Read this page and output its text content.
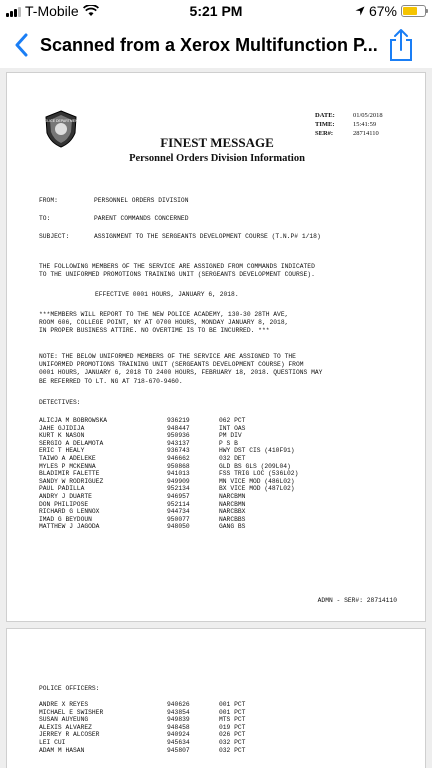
T-Mobile	5:21 PM	67%
Scanned from a Xerox Multifunction P...
POLICE DEPARTMENT
DATE:	01/05/2018
TIME:	15:41:59
SER#:	28714110
FINEST MESSAGE
Personnel Orders Division Information
FROM:	PERSONNEL ORDERS DIVISION
TO:	PARENT COMMANDS CONCERNED
SUBJECT:	ASSIGNMENT TO THE SERGEANTS DEVELOPMENT COURSE (T.N.P# 1/18)
THE FOLLOWING MEMBERS OF THE SERVICE ARE ASSIGNED FROM COMMANDS INDICATED
TO THE UNIFORMED PROMOTIONS TRAINING UNIT (SERGEANTS DEVELOPMENT COURSE).
EFFECTIVE 0001 HOURS, JANUARY 6, 2018.
***MEMBERS WILL REPORT TO THE NEW POLICE ACADEMY, 130-30 28TH AVE,
ROOM 606, COLLEGE POINT, NY AT 0700 HOURS, MONDAY JANUARY 8, 2018,
IN PROPER BUSINESS ATTIRE. NO OVERTIME IS TO BE INCURRED. ***
NOTE: THE BELOW UNIFORMED MEMBERS OF THE SERVICE ARE ASSIGNED TO THE
UNIFORMED PROMOTIONS TRAINING UNIT (SERGEANTS DEVELOPMENT COURSE) FROM
0001 HOURS, JANUARY 6, 2018 TO 2400 HOURS, FEBRUARY 18, 2018. QUESTIONS MAY
BE REFERRED TO LT. NG AT 718-670-9460.
DETECTIVES:
ALICJA M BOBROWSKA	936219	062 PCT
JAHE GJIDIJA	948447	INT OAS
KURT K NASON	950936	PM DIV
SERGIO A DELAMOTA	943137	P S B
ERIC T HEALY	936743	HWY DST CIS (410F91)
TAIWO A ADELEKE	946662	032 DET
MYLES P MCKENNA	950868	GLD BS GLS (209L04)
BLADIMIR FALETTE	941013	FSS TRIG LOC (536L02)
SANDY W RODRIGUEZ	949909	MN VICE MOD (486L02)
PAUL PADILLA	952134	BX VICE MOD (487L02)
ANDRY J DUARTE	946957	NARCBMN
DON PHILIPOSE	952114	NARCBMN
RICHARD G LENNOX	944734	NARCBBX
IMAD G BEYDOUN	950077	NARCBBS
MATTHEW J JAGODA	948050	GANG BS
ADMN - SER#: 28714110
POLICE OFFICERS:
ANDRE X REYES	940626	001 PCT
MICHAEL E SWISHER	943854	001 PCT
SUSAN AUYEUNG	949839	MTS PCT
ALEXIS ALVAREZ	948458	019 PCT
JERREY R ALCOSER	940924	026 PCT
LEI CUI	945634	032 PCT
ADAM M HASAN	945807	032 PCT
